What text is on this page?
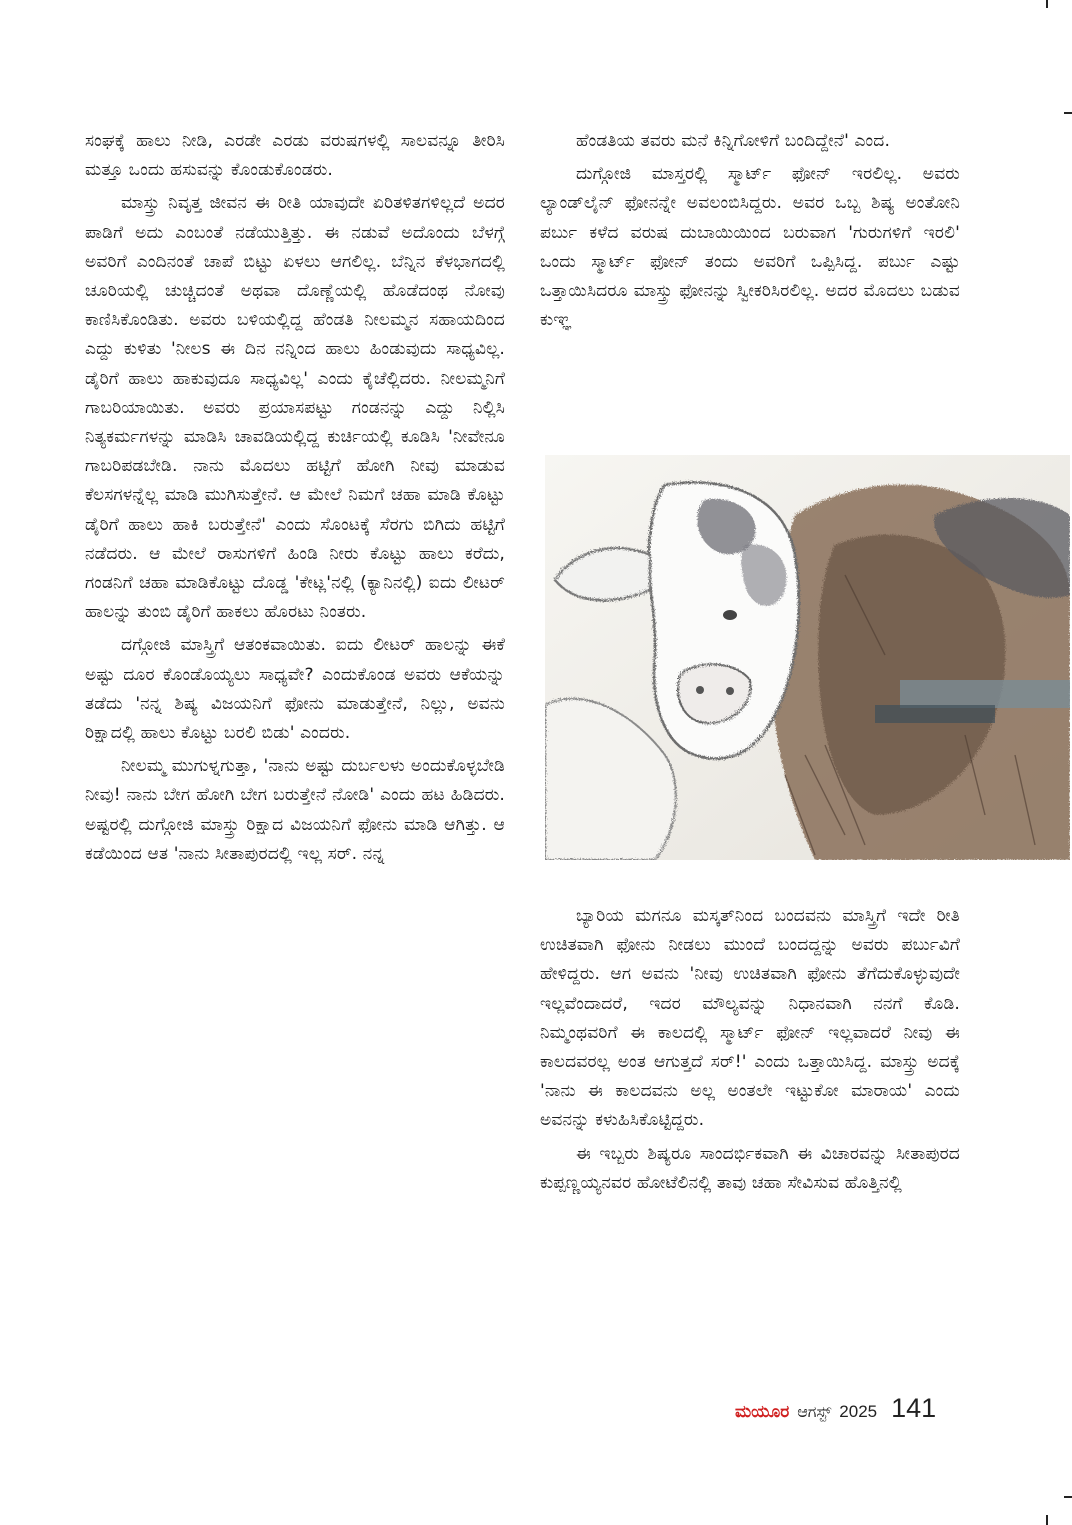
ಸಂಘಕ್ಕೆ ಹಾಲು ನೀಡಿ, ಎರಡೇ ಎರಡು ವರುಷಗಳಲ್ಲಿ ಸಾಲವನ್ನೂ ತೀರಿಸಿ ಮತ್ತೂ ಒಂದು ಹಸುವನ್ನು ಕೊಂಡುಕೊಂಡರು.

ಮಾಸ್ತ್ರು ನಿವೃತ್ತ ಜೀವನ ಈ ರೀತಿ ಯಾವುದೇ ಏರಿತಳಿತಗಳಿಲ್ಲದೆ ಅದರ ಪಾಡಿಗೆ ಅದು ಎಂಬಂತೆ ನಡೆಯುತ್ತಿತ್ತು. ಈ ನಡುವೆ ಅದೊಂದು ಬೆಳಗ್ಗೆ ಅವರಿಗೆ ಎಂದಿನಂತೆ ಚಾಪೆ ಬಿಟ್ಟು ಏಳಲು ಆಗಲಿಲ್ಲ. ಬೆನ್ನಿನ ಕೆಳಭಾಗದಲ್ಲಿ ಚೂರಿಯಲ್ಲಿ ಚುಚ್ಚಿದಂತೆ ಅಥವಾ ದೊಣ್ಣೆಯಲ್ಲಿ ಹೊಡೆದಂಥ ನೋವು ಕಾಣಿಸಿಕೊಂಡಿತು. ಅವರು ಬಳಿಯಲ್ಲಿದ್ದ ಹೆಂಡತಿ ನೀಲಮ್ಮನ ಸಹಾಯದಿಂದ ಎದ್ದು ಕುಳಿತು 'ನೀಲs ಈ ದಿನ ನನ್ನಿಂದ ಹಾಲು ಹಿಂಡುವುದು ಸಾಧ್ಯವಿಲ್ಲ. ಡೈರಿಗೆ ಹಾಲು ಹಾಕುವುದೂ ಸಾಧ್ಯವಿಲ್ಲ' ಎಂದು ಕೈಚೆಲ್ಲಿದರು. ನೀಲಮ್ಮನಿಗೆ ಗಾಬರಿಯಾಯಿತು. ಅವರು ಪ್ರಯಾಸಪಟ್ಟು ಗಂಡನನ್ನು ಎದ್ದು ನಿಲ್ಲಿಸಿ ನಿತ್ಯಕರ್ಮಗಳನ್ನು ಮಾಡಿಸಿ ಚಾವಡಿಯಲ್ಲಿದ್ದ ಕುರ್ಚಿಯಲ್ಲಿ ಕೂಡಿಸಿ 'ನೀವೇನೂ ಗಾಬರಿಪಡಬೇಡಿ. ನಾನು ಮೊದಲು ಹಟ್ಟಿಗೆ ಹೋಗಿ ನೀವು ಮಾಡುವ ಕೆಲಸಗಳನ್ನೆಲ್ಲ ಮಾಡಿ ಮುಗಿಸುತ್ತೇನೆ. ಆ ಮೇಲೆ ನಿಮಗೆ ಚಹಾ ಮಾಡಿ ಕೊಟ್ಟು ಡೈರಿಗೆ ಹಾಲು ಹಾಕಿ ಬರುತ್ತೇನೆ' ಎಂದು ಸೊಂಟಕ್ಕೆ ಸೆರಗು ಬಿಗಿದು ಹಟ್ಟಿಗೆ ನಡೆದರು. ಆ ಮೇಲೆ ರಾಸುಗಳಿಗೆ ಹಿಂಡಿ ನೀರು ಕೊಟ್ಟು ಹಾಲು ಕರೆದು, ಗಂಡನಿಗೆ ಚಹಾ ಮಾಡಿಕೊಟ್ಟು ದೊಡ್ಡ 'ಕೇಟ್ಲ'ನಲ್ಲಿ (ಕ್ಯಾನಿನಲ್ಲಿ) ಐದು ಲೀಟರ್ ಹಾಲನ್ನು ತುಂಬಿ ಡೈರಿಗೆ ಹಾಕಲು ಹೊರಟು ನಿಂತರು.

ದಗ್ಗೋಜಿ ಮಾಸ್ತ್ರಿಗೆ ಆತಂಕವಾಯಿತು. ಐದು ಲೀಟರ್ ಹಾಲನ್ನು ಈಕೆ ಅಷ್ಟು ದೂರ ಕೊಂಡೊಯ್ಯಲು ಸಾಧ್ಯವೇ? ಎಂದುಕೊಂಡ ಅವರು ಆಕೆಯನ್ನು ತಡೆದು 'ನನ್ನ ಶಿಷ್ಯ ವಿಜಯನಿಗೆ ಫೋನು ಮಾಡುತ್ತೇನೆ, ನಿಲ್ಲು, ಅವನು ರಿಕ್ಷಾದಲ್ಲಿ ಹಾಲು ಕೊಟ್ಟು ಬರಲಿ ಬಿಡು' ಎಂದರು.

ನೀಲಮ್ಮ ಮುಗುಳ್ನಗುತ್ತಾ, 'ನಾನು ಅಷ್ಟು ದುರ್ಬಲಳು ಅಂದುಕೊಳ್ಳಬೇಡಿ ನೀವು! ನಾನು ಬೇಗ ಹೋಗಿ ಬೇಗ ಬರುತ್ತೇನೆ ನೋಡಿ' ಎಂದು ಹಟ ಹಿಡಿದರು. ಅಷ್ಟರಲ್ಲಿ ದುಗ್ಗೋಜಿ ಮಾಸ್ತ್ರು ರಿಕ್ಷಾದ ವಿಜಯನಿಗೆ ಫೋನು ಮಾಡಿ ಆಗಿತ್ತು. ಆ ಕಡೆಯಿಂದ ಆತ 'ನಾನು ಸೀತಾಪುರದಲ್ಲಿ ಇಲ್ಲ ಸರ್. ನನ್ನ

ಹೆಂಡತಿಯ ತವರು ಮನೆ ಕಿನ್ನಿಗೋಳಿಗೆ ಬಂದಿದ್ದೇನೆ' ಎಂದ.

ದುಗ್ಗೋಜಿ ಮಾಸ್ತರಲ್ಲಿ ಸ್ಮಾರ್ಟ್ ಫೋನ್ ಇರಲಿಲ್ಲ. ಅವರು ಲ್ಯಾಂಡ್‌ಲೈನ್ ಫೋನನ್ನೇ ಅವಲಂಬಿಸಿದ್ದರು. ಅವರ ಒಬ್ಬ ಶಿಷ್ಯ ಅಂತೋನಿ ಪರ್ಬು ಕಳೆದ ವರುಷ ದುಬಾಯಿಯಿಂದ ಬರುವಾಗ 'ಗುರುಗಳಿಗೆ ಇರಲಿ' ಒಂದು ಸ್ಮಾರ್ಟ್ ಫೋನ್ ತಂದು ಅವರಿಗೆ ಒಪ್ಪಿಸಿದ್ದ. ಪರ್ಬು ಎಷ್ಟು ಒತ್ತಾಯಿಸಿದರೂ ಮಾಸ್ತ್ರು ಫೋನನ್ನು ಸ್ವೀಕರಿಸಿರಲಿಲ್ಲ. ಅದರ ಮೊದಲು ಬಡುವ ಕುಞ್ಞ

ಬ್ಯಾರಿಯ ಮಗನೂ ಮಸ್ಕತ್‌ನಿಂದ ಬಂದವನು ಮಾಸ್ತ್ರಿಗೆ ಇದೇ ರೀತಿ ಉಚಿತವಾಗಿ ಫೋನು ನೀಡಲು ಮುಂದೆ ಬಂದದ್ದನ್ನು ಅವರು ಪರ್ಬುವಿಗೆ ಹೇಳಿದ್ದರು. ಆಗ ಅವನು 'ನೀವು ಉಚಿತವಾಗಿ ಫೋನು ತೆಗೆದುಕೊಳ್ಳುವುದೇ ಇಲ್ಲವೆಂದಾದರೆ, ಇದರ ಮೌಲ್ಯವನ್ನು ನಿಧಾನವಾಗಿ ನನಗೆ ಕೊಡಿ. ನಿಮ್ಮಂಥವರಿಗೆ ಈ ಕಾಲದಲ್ಲಿ ಸ್ಮಾರ್ಟ್ ಫೋನ್ ಇಲ್ಲವಾದರೆ ನೀವು ಈ ಕಾಲದವರಲ್ಲ ಅಂತ ಆಗುತ್ತದೆ ಸರ್!' ಎಂದು ಒತ್ತಾಯಿಸಿದ್ದ. ಮಾಸ್ತ್ರು ಅದಕ್ಕೆ 'ನಾನು ಈ ಕಾಲದವನು ಅಲ್ಲ ಅಂತಲೇ ಇಟ್ಟುಕೋ ಮಾರಾಯ' ಎಂದು ಅವನನ್ನು ಕಳುಹಿಸಿಕೊಟ್ಟಿದ್ದರು.

ಈ ಇಬ್ಬರು ಶಿಷ್ಯರೂ ಸಾಂದರ್ಭಿಕವಾಗಿ ಈ ವಿಚಾರವನ್ನು ಸೀತಾಪುರದ ಕುಪ್ಪಣ್ಣಯ್ಯನವರ ಹೋಟೆಲಿನಲ್ಲಿ ತಾವು ಚಹಾ ಸೇವಿಸುವ ಹೊತ್ತಿನಲ್ಲಿ

ಮಯೂರ ಆಗಸ್ಟ್ 2025 141
